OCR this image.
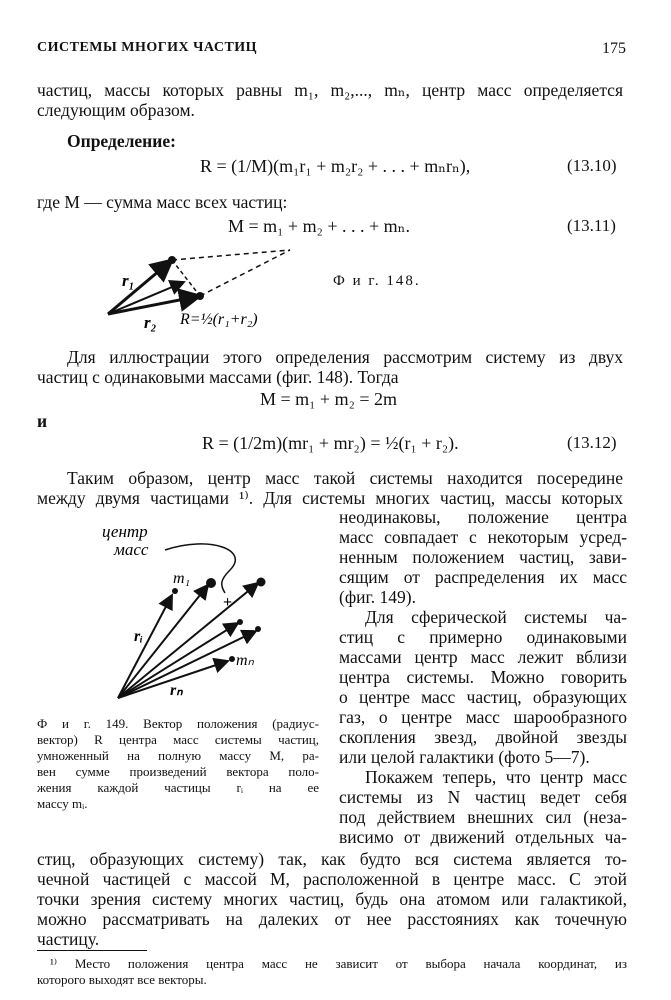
СИСТЕМЫ МНОГИХ ЧАСТИЦ	175
частиц, массы которых равны m₁, m₂,..., mₙ, центр масс определяется
следующим образом.
Определение:
R = (1/M)(m₁r₁ + m₂r₂ + . . . + mₙrₙ),	(13.10)
где M — сумма масс всех частиц:
M = m₁ + m₂ + . . . + mₙ.	(13.11)
r₁
r₂ R=½(r₁+r₂)
Ф и г. 148.
Для иллюстрации этого определения рассмотрим систему из двух
частиц с одинаковыми массами (фиг. 148). Тогда
M = m₁ + m₂ = 2m
и
R = (1/2m)(mr₁ + mr₂) = ½(r₁ + r₂).	(13.12)
Таким образом, центр масс такой системы находится посередине
между двумя частицами ¹⁾. Для системы многих частиц, массы которых
центр
масс
+
m₁
mₙ
rᵢ
rₙ
Ф и г. 149. Вектор положения (радиус-
вектор) R центра масс системы частиц,
умноженный на полную массу M, ра-
вен сумме произведений вектора поло-
жения каждой частицы rᵢ на ее
массу mᵢ.
неодинаковы, положение центра
масс совпадает с некоторым усред-
ненным положением частиц, зави-
сящим от распределения их масс
(фиг. 149).
Для сферической системы ча-
стиц с примерно одинаковыми
массами центр масс лежит вблизи
центра системы. Можно говорить
о центре масс частиц, образующих
газ, о центре масс шарообразного
скопления звезд, двойной звезды
или целой галактики (фото 5—7).
Покажем теперь, что центр масс
системы из N частиц ведет себя
под действием внешних сил (неза-
висимо от движений отдельных ча-
стиц, образующих систему) так, как будто вся система является то-
чечной частицей с массой M, расположенной в центре масс. С этой
точки зрения систему многих частиц, будь она атомом или галактикой,
можно рассматривать на далеких от нее расстояниях как точечную
частицу.
¹⁾ Место положения центра масс не зависит от выбора начала координат, из
которого выходят все векторы.
